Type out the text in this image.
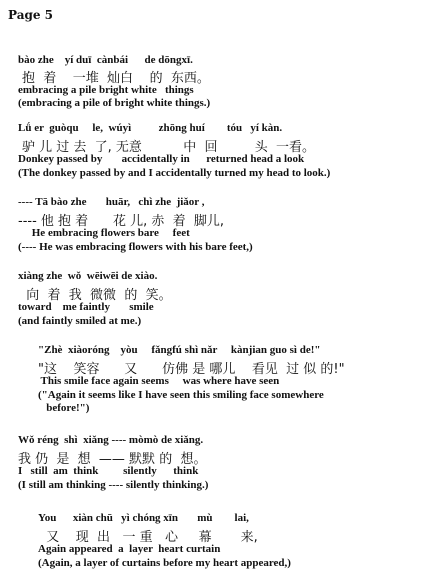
Page 5
bào zhe    yí duī  cànbái      de dōngxī.
抱  着    一堆  灿白    的  东西。
embracing a pile bright white   things
(embracing a pile of bright white things.)
Lǘ er  guòqu     le,  wúyì          zhōng huí        tóu   yí kàn.
驴 儿 过 去  了, 无意          中  回         头  一看。
Donkey passed by       accidentally in      returned head a look
(The donkey passed by and I accidentally turned my head to look.)
---- Tā bào zhe       huār,   chì zhe  jiǎor ,
---- 他 抱 着      花 儿, 赤  着  脚儿,
He embracing flowers bare     feet
(---- He was embracing flowers with his bare feet,)
xiàng zhe  wǒ  wēiwēi de xiào.
向  着  我  微微  的  笑。
toward    me faintly       smile
(and faintly smiled at me.)
"Zhè  xiàoróng    yòu     fǎngfú shì nǎr     kànjian guo sì de!"
"这    笑容      又      仿佛 是 哪儿    看见  过 似 的!"
This smile face again seems     was where have seen
("Again it seems like I have seen this smiling face somewhere
before!")
Wǒ réng  shì  xiǎng ---- mòmò de xiǎng.
我 仍  是  想  —— 默默 的  想。
I   still  am  think         silently      think
(I still am thinking ---- silently thinking.)
You      xiàn chū   yì chóng xīn       mù        lai,
又    现  出   一 重   心     幕       来,
Again appeared  a  layer  heart curtain
(Again, a layer of curtains before my heart appeared,)
